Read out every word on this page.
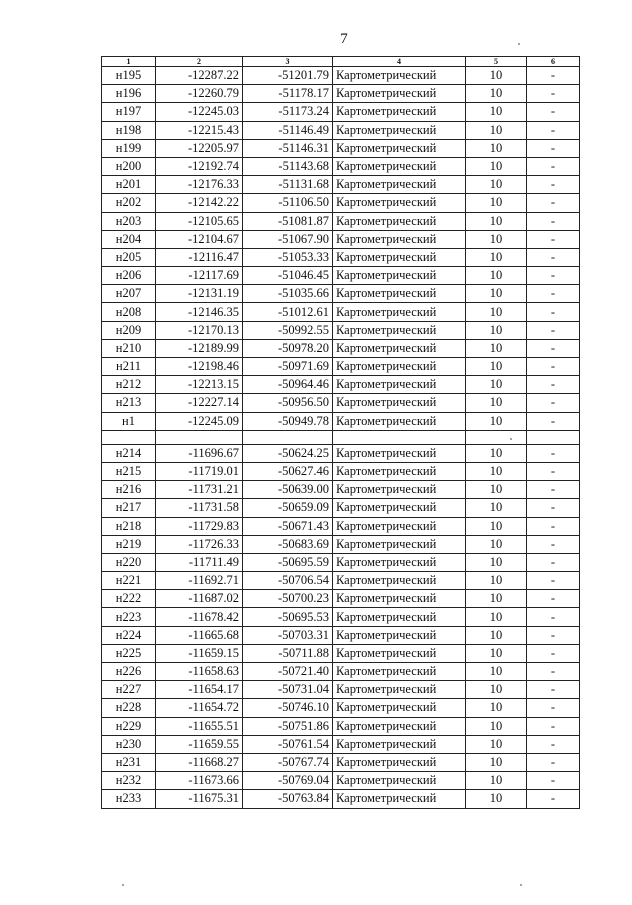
7
1	2	3	4	5	6
н195	-12287.22	-51201.79	Картометрический	10	-
н196	-12260.79	-51178.17	Картометрический	10	-
н197	-12245.03	-51173.24	Картометрический	10	-
н198	-12215.43	-51146.49	Картометрический	10	-
н199	-12205.97	-51146.31	Картометрический	10	-
н200	-12192.74	-51143.68	Картометрический	10	-
н201	-12176.33	-51131.68	Картометрический	10	-
н202	-12142.22	-51106.50	Картометрический	10	-
н203	-12105.65	-51081.87	Картометрический	10	-
н204	-12104.67	-51067.90	Картометрический	10	-
н205	-12116.47	-51053.33	Картометрический	10	-
н206	-12117.69	-51046.45	Картометрический	10	-
н207	-12131.19	-51035.66	Картометрический	10	-
н208	-12146.35	-51012.61	Картометрический	10	-
н209	-12170.13	-50992.55	Картометрический	10	-
н210	-12189.99	-50978.20	Картометрический	10	-
н211	-12198.46	-50971.69	Картометрический	10	-
н212	-12213.15	-50964.46	Картометрический	10	-
н213	-12227.14	-50956.50	Картометрический	10	-
н1	-12245.09	-50949.78	Картометрический	10	-

н214	-11696.67	-50624.25	Картометрический	10	-
н215	-11719.01	-50627.46	Картометрический	10	-
н216	-11731.21	-50639.00	Картометрический	10	-
н217	-11731.58	-50659.09	Картометрический	10	-
н218	-11729.83	-50671.43	Картометрический	10	-
н219	-11726.33	-50683.69	Картометрический	10	-
н220	-11711.49	-50695.59	Картометрический	10	-
н221	-11692.71	-50706.54	Картометрический	10	-
н222	-11687.02	-50700.23	Картометрический	10	-
н223	-11678.42	-50695.53	Картометрический	10	-
н224	-11665.68	-50703.31	Картометрический	10	-
н225	-11659.15	-50711.88	Картометрический	10	-
н226	-11658.63	-50721.40	Картометрический	10	-
н227	-11654.17	-50731.04	Картометрический	10	-
н228	-11654.72	-50746.10	Картометрический	10	-
н229	-11655.51	-50751.86	Картометрический	10	-
н230	-11659.55	-50761.54	Картометрический	10	-
н231	-11668.27	-50767.74	Картометрический	10	-
н232	-11673.66	-50769.04	Картометрический	10	-
н233	-11675.31	-50763.84	Картометрический	10	-
